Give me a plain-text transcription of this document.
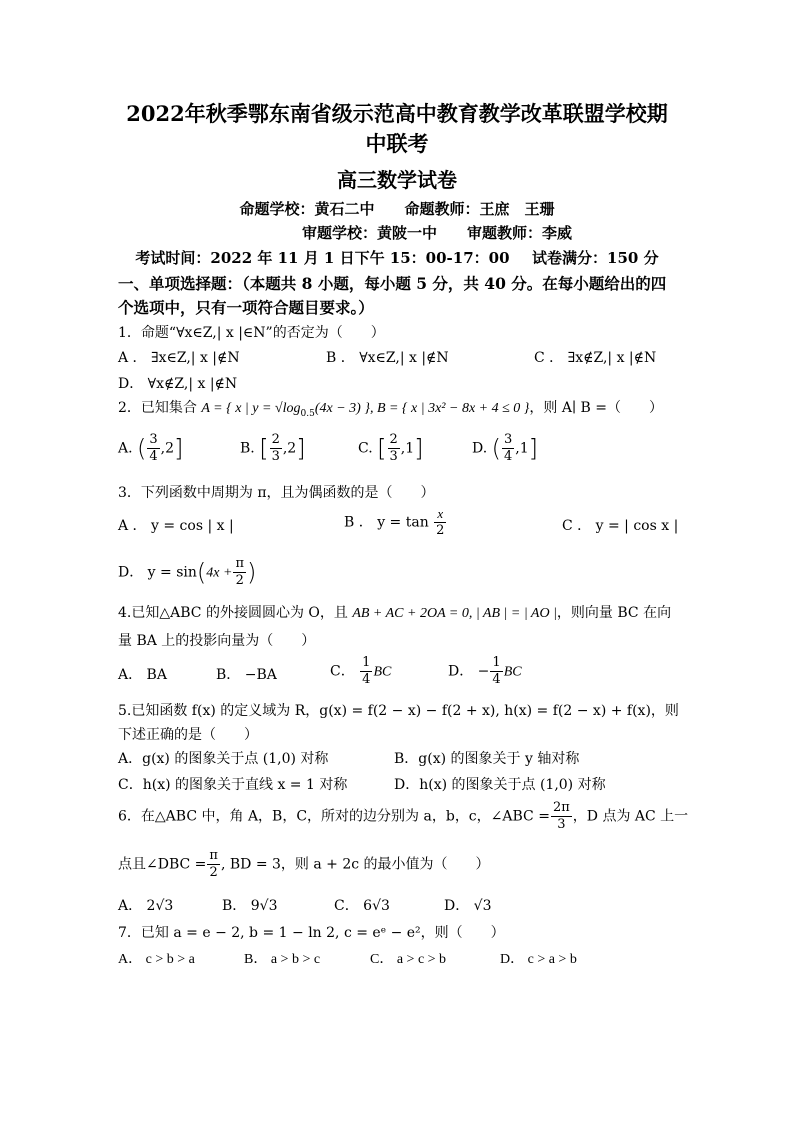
2022年秋季鄂东南省级示范高中教育教学改革联盟学校期
中联考
高三数学试卷
命题学校：黄石二中   命题教师：王庶　王珊
审题学校：黄陂一中   审题教师：李威
考试时间：2022 年 11 月 1 日下午 15：00-17：00   试卷满分：150 分
一、单项选择题：（本题共 8 小题，每小题 5 分，共 40 分。在每小题给出的四
个选项中，只有一项符合题目要求。）
1．命题“∀x∈Z,| x |∈N”的否定为（　　）
A ． ∃x∈Z,| x |∉N	B ． ∀x∈Z,| x |∉N	C ． ∃x∉Z,| x |∉N
D． ∀x∉Z,| x |∉N
2．已知集合 A = { x | $y = √\log_{0.5}(4x - 3)$ }, B = { x | 3x² − 8x + 4 ≤ 0 }，则 A∣ B =（　　）
A. ( $\frac{3}{4} ,2$]	B. [ $\frac{2}{3} ,2$]	C. [ $\frac{2}{3} ,1$]	D. ( $\frac{3}{4} ,1$]
3．下列函数中周期为 π，且为偶函数的是（　　）
A ． y = cos | x |	B ． $y = \tan \frac{x}{2}$	C ． y = | cos x |
D． $y = \sin(4x + \frac{\pi}{2}$ )
4.已知△ABC 的外接圆圆心为 O，且 AB + AC + 2OA = 0, | AB | = | AO |，则向量 BC 在向
量 BA 上的投影向量为（　　）
A． BA	B． −BA	C． $\frac{1}{4}$ BC	D． − $\frac{1}{4}$ BC
5.已知函数 f(x) 的定义域为 R，g(x) = f(2 − x) − f(2 + x), h(x) = f(2 − x) + f(x)，则
下述正确的是（　　）
A．g(x) 的图象关于点 (1,0) 对称	B．g(x) 的图象关于 y 轴对称
C．h(x) 的图象关于直线 x = 1 对称	D．h(x) 的图象关于点 (1,0) 对称
6．在△ABC 中，角 A，B，C，所对的边分别为 a，b，c，∠ABC = $\frac{2\pi}{3}$ ，D 点为 AC 上一
点且∠DBC = $\frac{\pi}{2}$ , BD = 3，则 a + 2c 的最小值为（　　）
A． 2√3	B． 9√3	C． 6√3	D． √3
7．已知 a = e − 2, b = 1 − ln 2, c = eᵉ − e²，则（　　）
A． c > b > a	B． a > b > c	C． a > c > b	D． c > a > b
